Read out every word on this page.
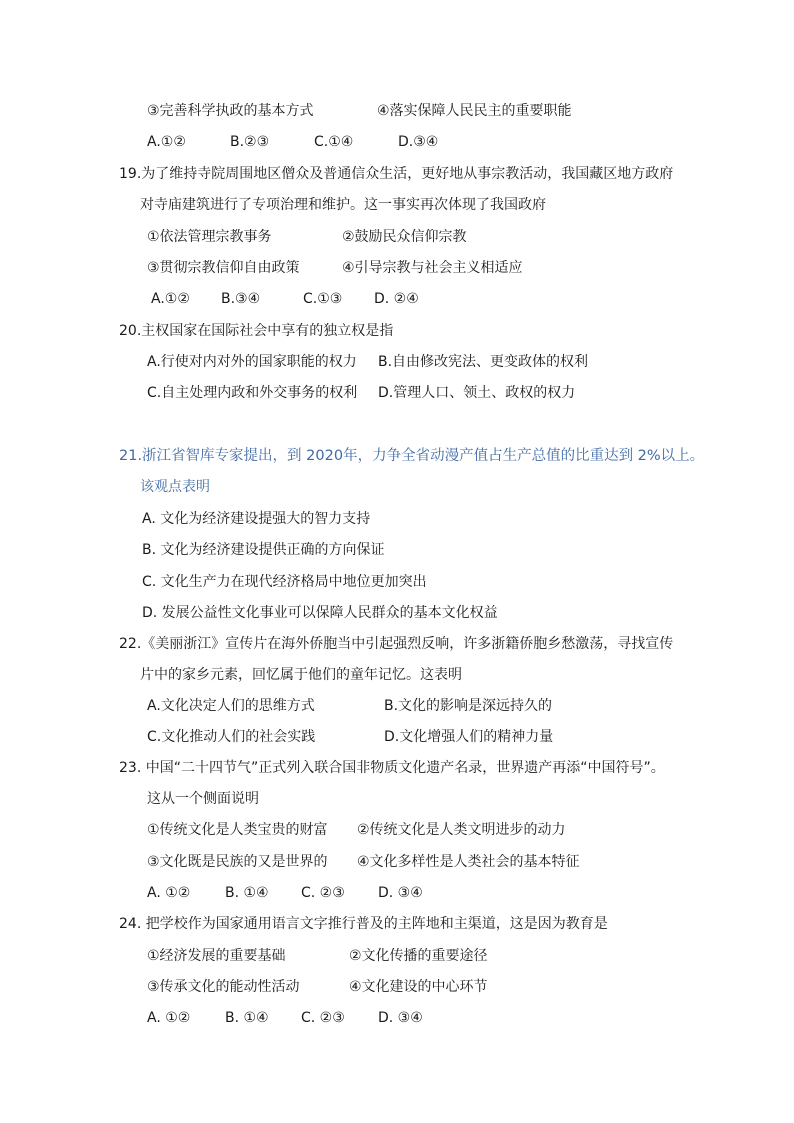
③完善科学执政的基本方式	④落实保障人民民主的重要职能
A.①②	B.②③	C.①④	D.③④
19.为了维持寺院周围地区僧众及普通信众生活，更好地从事宗教活动，我国藏区地方政府
对寺庙建筑进行了专项治理和维护。这一事实再次体现了我国政府
①依法管理宗教事务	②鼓励民众信仰宗教
③贯彻宗教信仰自由政策	④引导宗教与社会主义相适应
A.①② B.③④	C.①③ D. ②④
20.主权国家在国际社会中享有的独立权是指
A.行使对内对外的国家职能的权力 B.自由修改宪法、更变政体的权利
C.自主处理内政和外交事务的权利 D.管理人口、领土、政权的权力
21.浙江省智库专家提出，到 2020年，力争全省动漫产值占生产总值的比重达到 2%以上。
该观点表明
A. 文化为经济建设提强大的智力支持
B. 文化为经济建设提供正确的方向保证
C. 文化生产力在现代经济格局中地位更加突出
D. 发展公益性文化事业可以保障人民群众的基本文化权益
22.《美丽浙江》宣传片在海外侨胞当中引起强烈反响，许多浙籍侨胞乡愁激荡，寻找宣传
片中的家乡元素，回忆属于他们的童年记忆。这表明
A.文化决定人们的思维方式	B.文化的影响是深远持久的
C.文化推动人们的社会实践	D.文化增强人们的精神力量
23. 中国“二十四节气”正式列入联合国非物质文化遗产名录，世界遗产再添“中国符号”。
这从一个侧面说明
①传统文化是人类宝贵的财富 ②传统文化是人类文明进步的动力
③文化既是民族的又是世界的 ④文化多样性是人类社会的基本特征
A. ①② B. ①④ C. ②③ D. ③④
24. 把学校作为国家通用语言文字推行普及的主阵地和主渠道，这是因为教育是
①经济发展的重要基础	②文化传播的重要途径
③传承文化的能动性活动	④文化建设的中心环节
A. ①② B. ①④ C. ②③ D. ③④
